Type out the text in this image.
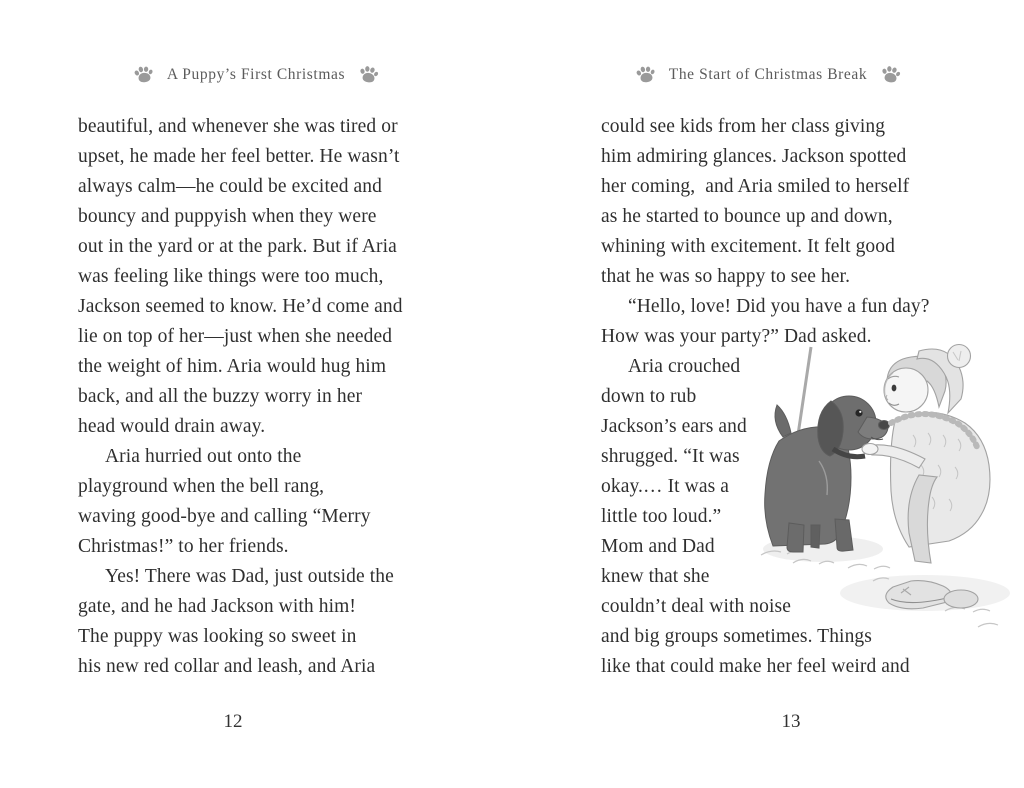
A Puppy’s First Christmas	The Start of Christmas Break
beautiful, and whenever she was tired or
upset, he made her feel better. He wasn’t
always calm—he could be excited and
bouncy and puppyish when they were
out in the yard or at the park. But if Aria
was feeling like things were too much,
Jackson seemed to know. He’d come and
lie on top of her—just when she needed
the weight of him. Aria would hug him
back, and all the buzzy worry in her
head would drain away.
Aria hurried out onto the
playground when the bell rang,
waving good-bye and calling “Merry
Christmas!” to her friends.
Yes! There was Dad, just outside the
gate, and he had Jackson with him!
The puppy was looking so sweet in
his new red collar and leash, and Aria
could see kids from her class giving
him admiring glances. Jackson spotted
her coming,  and Aria smiled to herself
as he started to bounce up and down,
whining with excitement. It felt good
that he was so happy to see her.
“Hello, love! Did you have a fun day?
How was your party?” Dad asked.
Aria crouched
down to rub
Jackson’s ears and
shrugged. “It was
okay.… It was a
little too loud.”
Mom and Dad
knew that she
couldn’t deal with noise
and big groups sometimes. Things
like that could make her feel weird and
12	13
